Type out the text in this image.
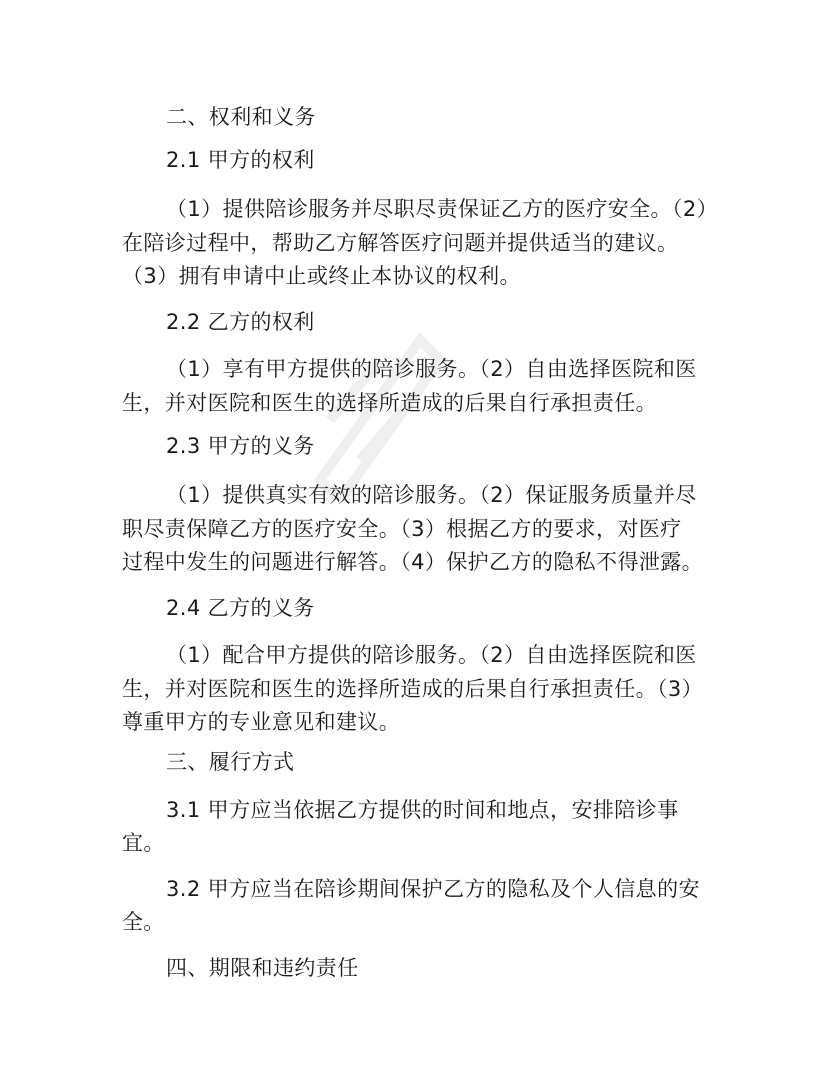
二、权利和义务

2.1 甲方的权利

（1）提供陪诊服务并尽职尽责保证乙方的医疗安全。（2）

在陪诊过程中，帮助乙方解答医疗问题并提供适当的建议。

（3）拥有申请中止或终止本协议的权利。

2.2 乙方的权利

（1）享有甲方提供的陪诊服务。（2）自由选择医院和医

生，并对医院和医生的选择所造成的后果自行承担责任。

2.3 甲方的义务

（1）提供真实有效的陪诊服务。（2）保证服务质量并尽

职尽责保障乙方的医疗安全。（3）根据乙方的要求，对医疗

过程中发生的问题进行解答。（4）保护乙方的隐私不得泄露。

2.4 乙方的义务

（1）配合甲方提供的陪诊服务。（2）自由选择医院和医

生，并对医院和医生的选择所造成的后果自行承担责任。（3）

尊重甲方的专业意见和建议。

三、履行方式

3.1 甲方应当依据乙方提供的时间和地点，安排陪诊事

宜。

3.2 甲方应当在陪诊期间保护乙方的隐私及个人信息的安

全。

四、期限和违约责任
